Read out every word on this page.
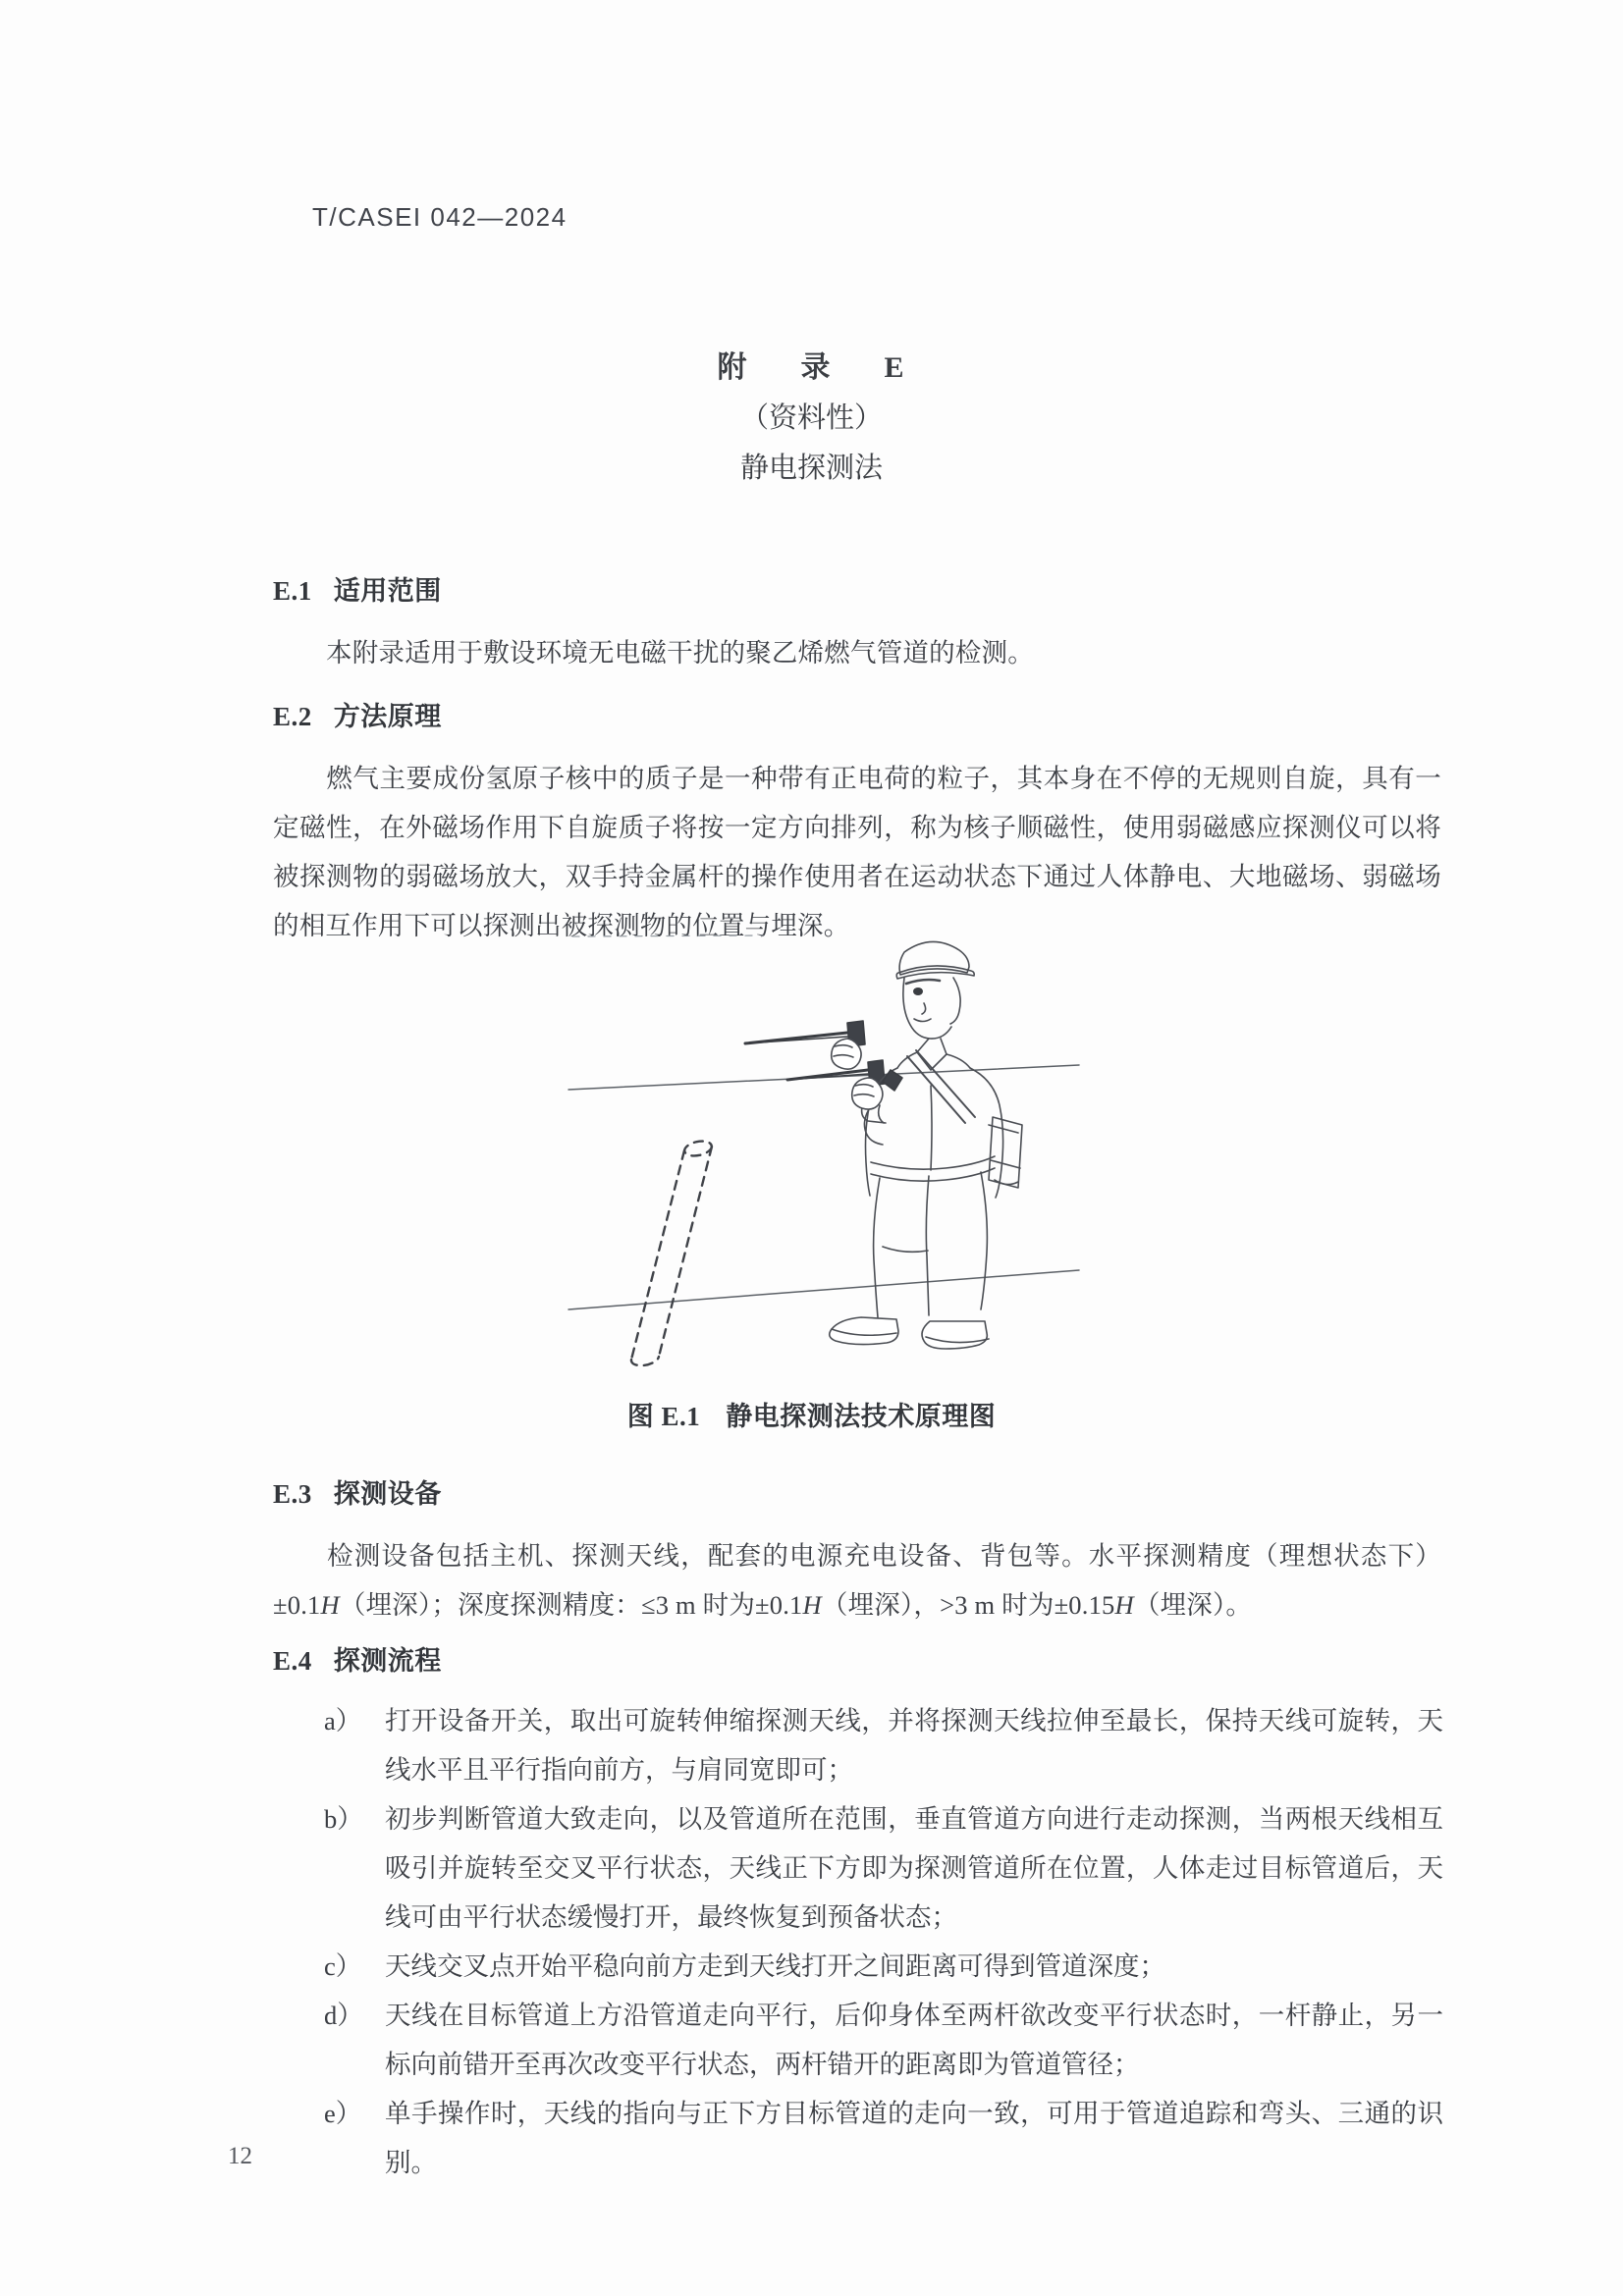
T/CASEI 042—2024
附 录 E
（资料性）
静电探测法
E.1 适用范围
本附录适用于敷设环境无电磁干扰的聚乙烯燃气管道的检测。
E.2 方法原理
燃气主要成份氢原子核中的质子是一种带有正电荷的粒子，其本身在不停的无规则自旋，具有一定磁性，在外磁场作用下自旋质子将按一定方向排列，称为核子顺磁性，使用弱磁感应探测仪可以将被探测物的弱磁场放大，双手持金属杆的操作使用者在运动状态下通过人体静电、大地磁场、弱磁场的相互作用下可以探测出被探测物的位置与埋深。
图 E.1 静电探测法技术原理图
E.3 探测设备
检测设备包括主机、探测天线，配套的电源充电设备、背包等。水平探测精度（理想状态下）±0.1H（埋深）；深度探测精度：≤3 m 时为±0.1H（埋深），>3 m 时为±0.15H（埋深）。
E.4 探测流程
a） 打开设备开关，取出可旋转伸缩探测天线，并将探测天线拉伸至最长，保持天线可旋转，天线水平且平行指向前方，与肩同宽即可；
b） 初步判断管道大致走向，以及管道所在范围，垂直管道方向进行走动探测，当两根天线相互吸引并旋转至交叉平行状态，天线正下方即为探测管道所在位置，人体走过目标管道后，天线可由平行状态缓慢打开，最终恢复到预备状态；
c） 天线交叉点开始平稳向前方走到天线打开之间距离可得到管道深度；
d） 天线在目标管道上方沿管道走向平行，后仰身体至两杆欲改变平行状态时，一杆静止，另一标向前错开至再次改变平行状态，两杆错开的距离即为管道管径；
e） 单手操作时，天线的指向与正下方目标管道的走向一致，可用于管道追踪和弯头、三通的识别。
12
